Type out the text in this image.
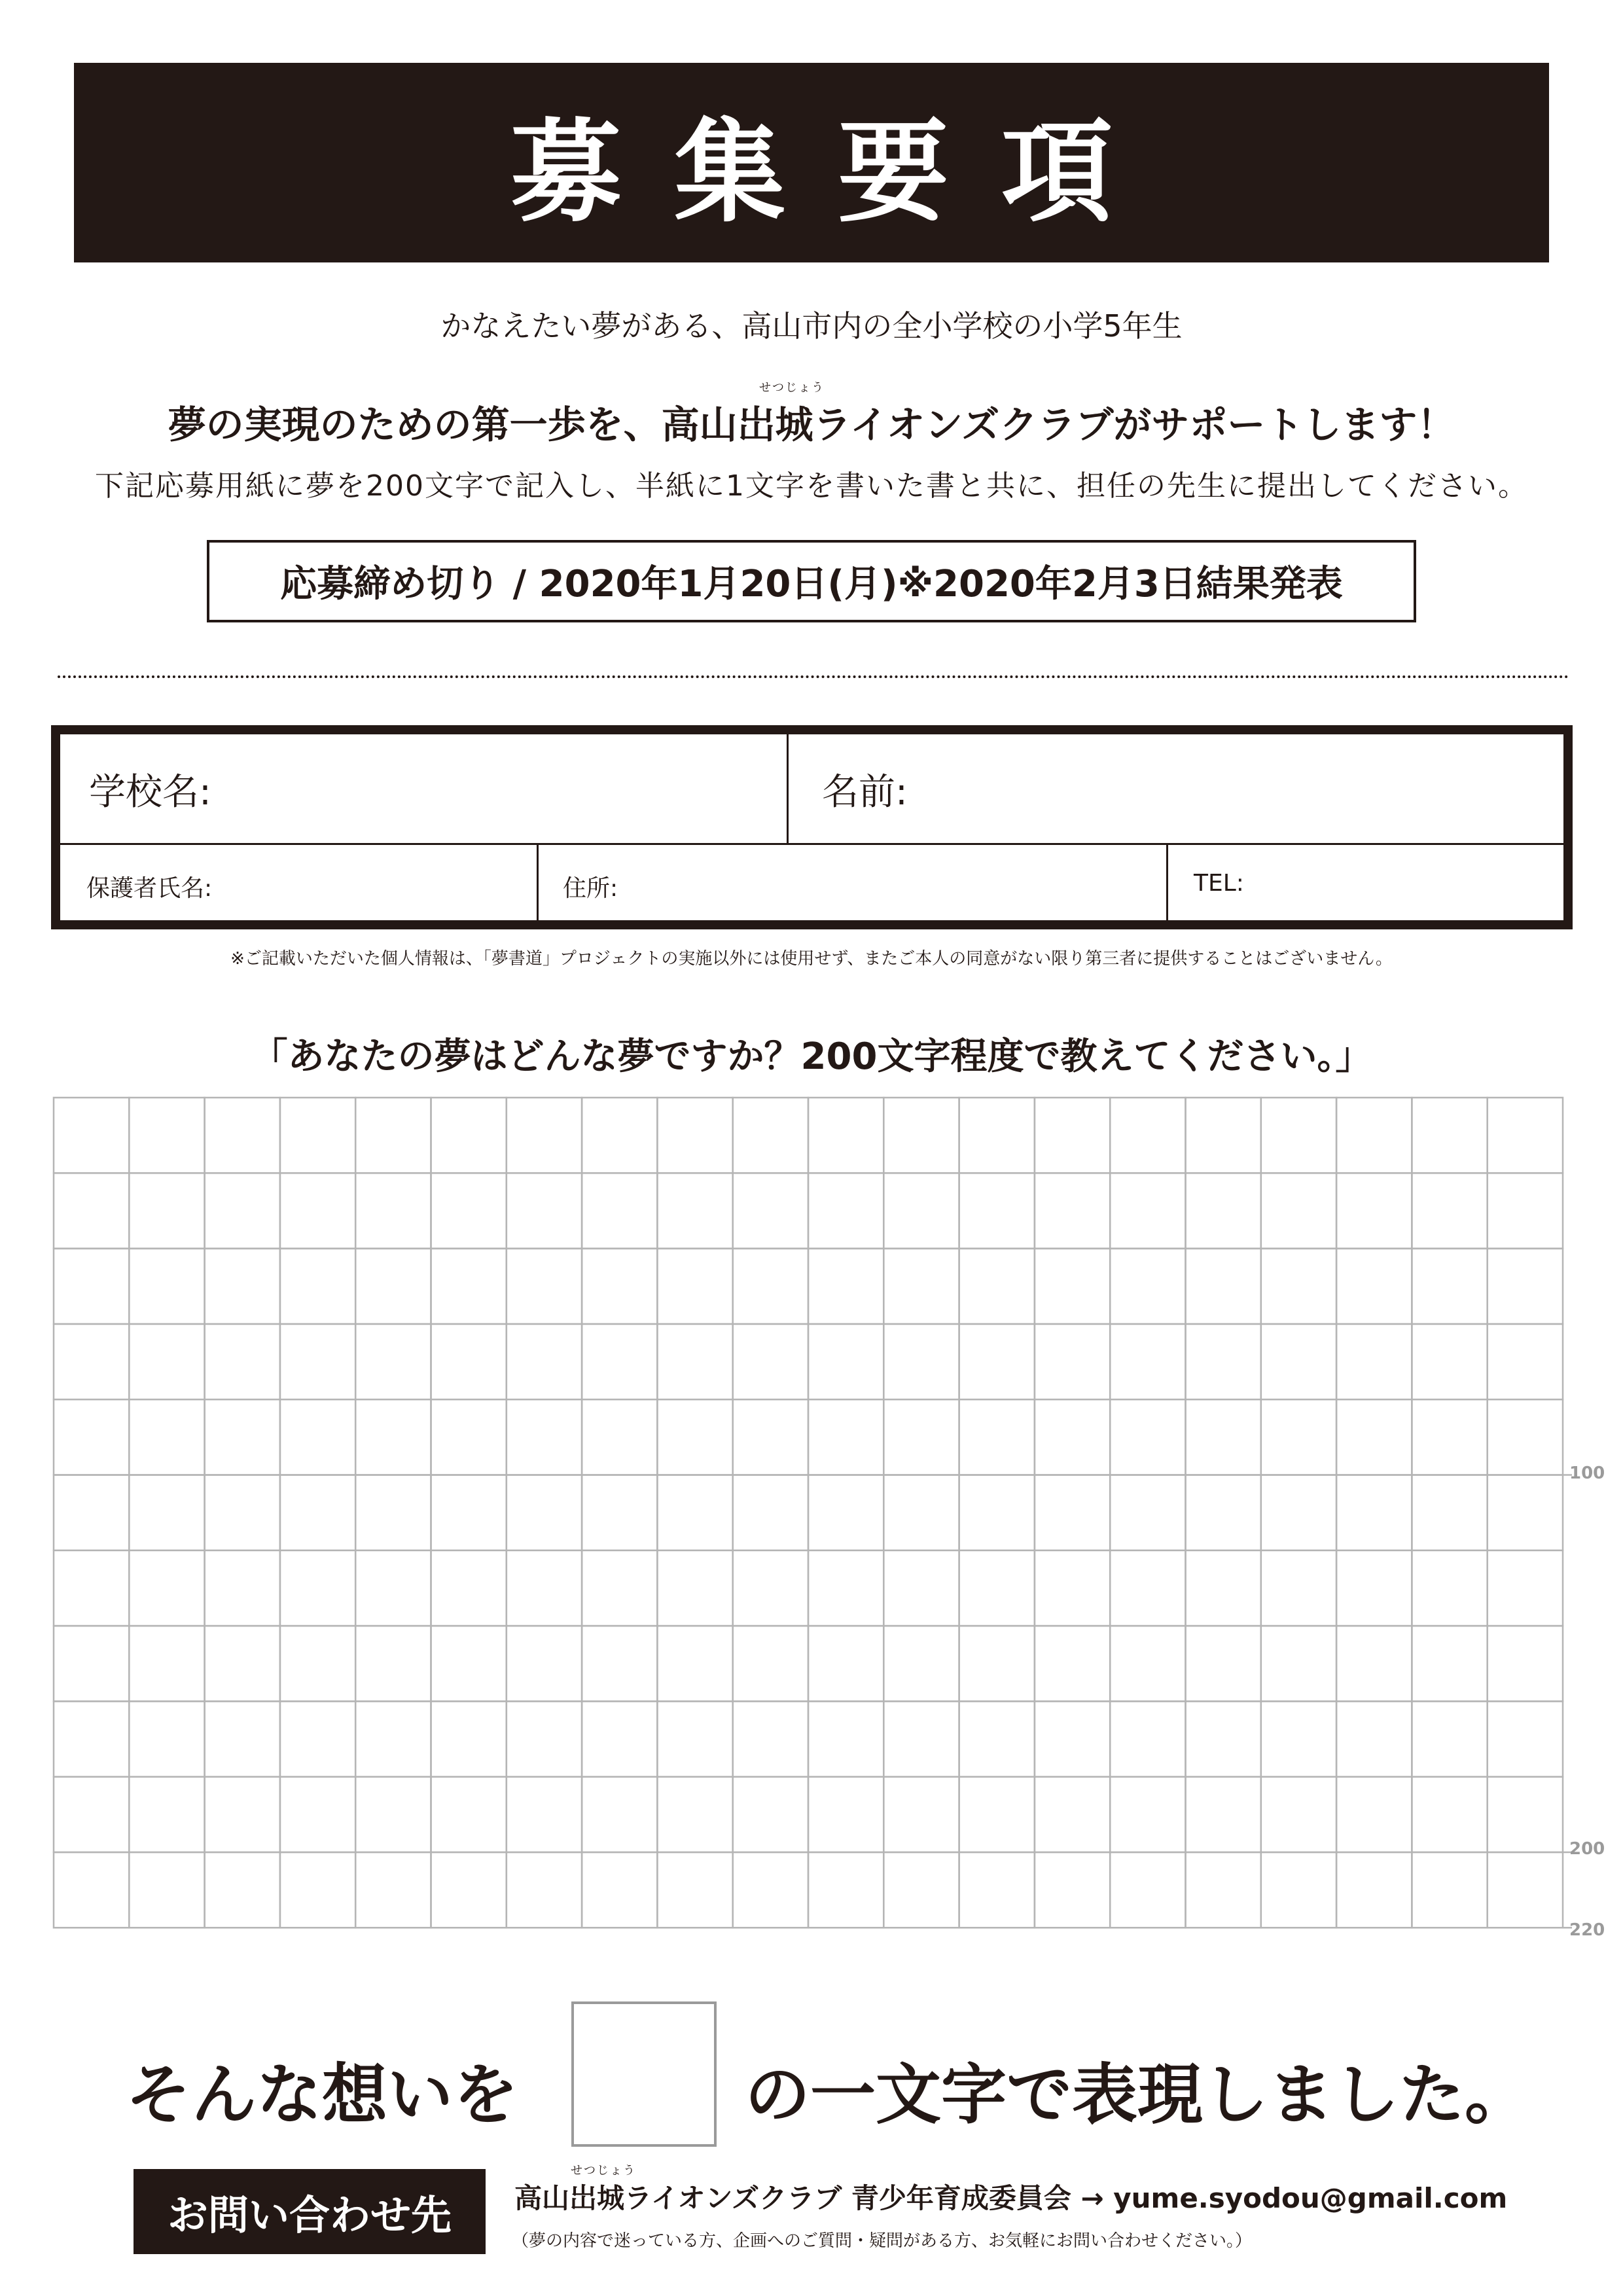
募集要項
かなえたい夢がある、高山市内の全小学校の小学5年生
せつじょう
夢の実現のための第一歩を、高山岀城ライオンズクラブがサポートします！
下記応募用紙に夢を200文字で記入し、半紙に1文字を書いた書と共に、担任の先生に提出してください。
応募締め切り / 2020年1月20日(月)※2020年2月3日結果発表
学校名:	名前:
保護者氏名:	住所:	TEL:
※ご記載いただいた個人情報は、「夢書道」プロジェクトの実施以外には使用せず、またご本人の同意がない限り第三者に提供することはございません。
「あなたの夢はどんな夢ですか？200文字程度で教えてください。」
100
200
220
そんな想いを	の一文字で表現しました。
お問い合わせ先
せつじょう
高山岀城ライオンズクラブ 青少年育成委員会 → yume.syodou@gmail.com
（夢の内容で迷っている方、企画へのご質問・疑問がある方、お気軽にお問い合わせください。）
